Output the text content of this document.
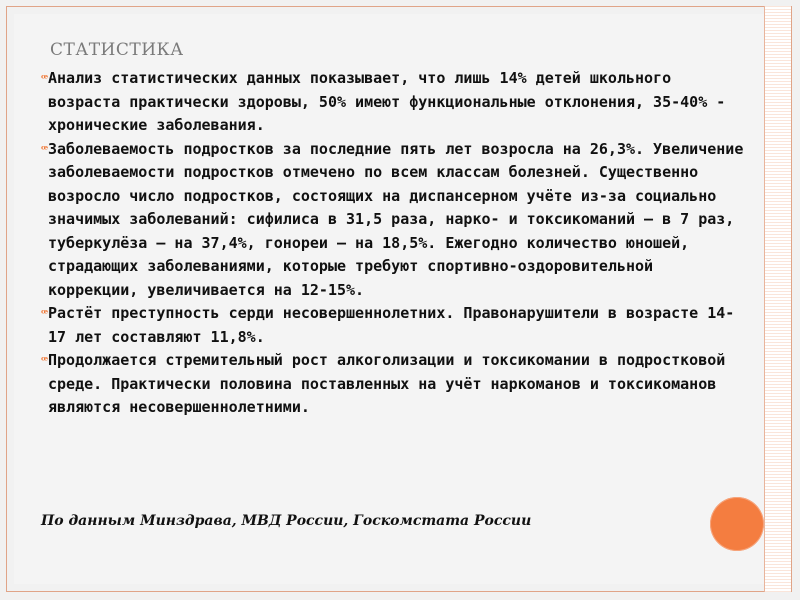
СТАТИСТИКА
ꟹ Анализ статистических данных показывает, что лишь 14% детей школьного возраста практически здоровы, 50% имеют функциональные отклонения, 35-40% - хронические заболевания.
ꟹ Заболеваемость подростков за последние пять лет возросла на 26,3%. Увеличение заболеваемости подростков отмечено по всем классам болезней. Существенно возросло число подростков, состоящих на диспансерном учёте из-за социально значимых заболеваний: сифилиса в 31,5 раза, нарко- и токсикоманий – в 7 раз, туберкулёза – на 37,4%, гонореи – на 18,5%. Ежегодно количество юношей, страдающих заболеваниями, которые требуют спортивно-оздоровительной коррекции, увеличивается на 12-15%.
ꟹ Растёт преступность серди несовершеннолетних. Правонарушители в возрасте 14-17 лет составляют 11,8%.
ꟹ Продолжается стремительный рост алкоголизации и токсикомании в подростковой среде. Практически половина поставленных на учёт наркоманов и токсикоманов являются несовершеннолетними.

По данным Минздрава, МВД России, Госкомстата России
